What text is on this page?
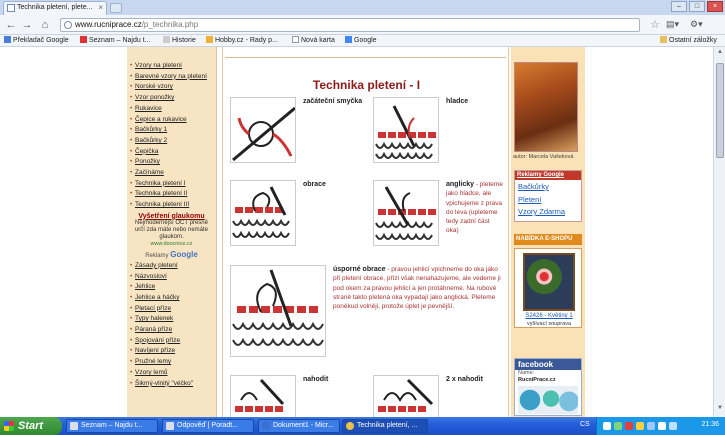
Technika pletení, plete... ×	–	□	×
← → ⌂	www.rucniprace.cz/p_technika.php	☆ ▤▾ ⚙▾
Překladač Google	Seznam – Najdu t...	Historie	Hobby.cz - Rady p...	Nová karta	Google	Ostatní záložky
• Vzory na pletení
• Barevné vzory na pletení
• Norské vzory
• Vzor ponožky
• Rukavice
• Čepice a rukavice
• Bačkůrky 1
• Bačkůrky 2
• Čepička
• Ponožky
• Začínáme
• Technika pletení I
• Technika pletení II
• Technika pletení III
Vyšetření glaukomu
Nejmodernější OCT přesně určí zda máte nebo nemáte glaukom.
www.dsocnice.cz
Reklamy Google
• Zásady pletení
• Názvosloví
• Jehlice
• Jehlice a háčky
• Pletací příze
• Typy halenek
• Páraná příze
• Spojování příze
• Navíjení příze
• Pružné lemy
• Vzory lemů
• Šikmý-vlnitý "véčko"
Technika pletení - I
začáteční smyčka	hladce
obrace	anglicky - pleteme jako hladce, ale vpichujeme z prava do leva (upleteme tedy zadní část oka)
úsporné obrace - pravou jehlicí vpichneme do oka jako při pletení obrace, přízi však nenahazujeme, ale vedeme ji pod okem za pravou jehlicí a jen protáhneme. Na rubové straně takto pletená oka vypadají jako anglická. Pleteme poněkud volněji, protože úplet je pevnější.
nahodit	2 x nahodit
autor: Marcela Vašeková
Reklamy Google
Bačkůrky
Pletení
Vzory Zdarma
NABÍDKA E-SHOPU
S2426 - Květiny 1
vyšívací souprava
facebook
Name:
RucniPrace.cz
▲
▼
Start	Seznam – Najdu t...	Odpověď | Poradt...	Dokument1 - Micr...	Technika pletení, ...	CS	21:36
